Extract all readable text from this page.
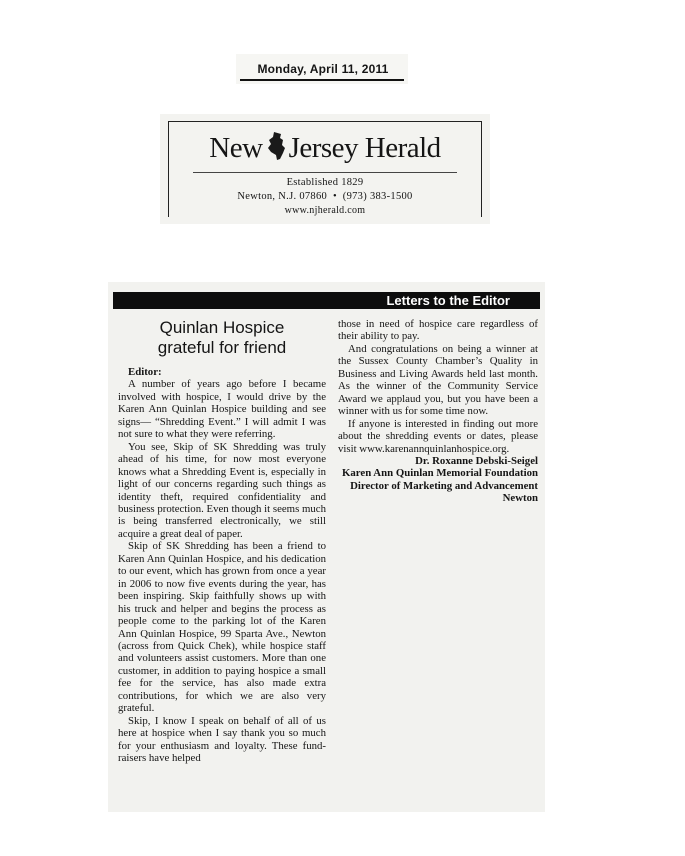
Monday, April 11, 2011
New Jersey Herald
Established 1829
Newton, N.J. 07860 • (973) 383-1500
www.njherald.com
Letters to the Editor
Quinlan Hospice
grateful for friend

Editor:

A number of years ago before I became involved with hospice, I would drive by the Karen Ann Quinlan Hospice building and see signs— “Shredding Event.” I will admit I was not sure to what they were referring.

You see, Skip of SK Shredding was truly ahead of his time, for now most everyone knows what a Shredding Event is, especially in light of our concerns regarding such things as identity theft, required confidentiality and business protection. Even though it seems much is being transferred electronically, we still acquire a great deal of paper.

Skip of SK Shredding has been a friend to Karen Ann Quinlan Hospice, and his dedication to our event, which has grown from once a year in 2006 to now five events during the year, has been inspiring. Skip faithfully shows up with his truck and helper and begins the process as people come to the parking lot of the Karen Ann Quinlan Hospice, 99 Sparta Ave., Newton (across from Quick Chek), while hospice staff and volunteers assist customers. More than one customer, in addition to paying hospice a small fee for the service, has also made extra contributions, for which we are also very grateful.

Skip, I know I speak on behalf of all of us here at hospice when I say thank you so much for your enthusiasm and loyalty. These fund-raisers have helped

those in need of hospice care regardless of their ability to pay.

And congratulations on being a winner at the Sussex County Chamber’s Quality in Business and Living Awards held last month. As the winner of the Community Service Award we applaud you, but you have been a winner with us for some time now.

If anyone is interested in finding out more about the shredding events or dates, please visit www.karenannquinlanhospice.org.

Dr. Roxanne Debski-Seigel

Karen Ann Quinlan Memorial Foundation

Director of Marketing and Advancement

Newton
